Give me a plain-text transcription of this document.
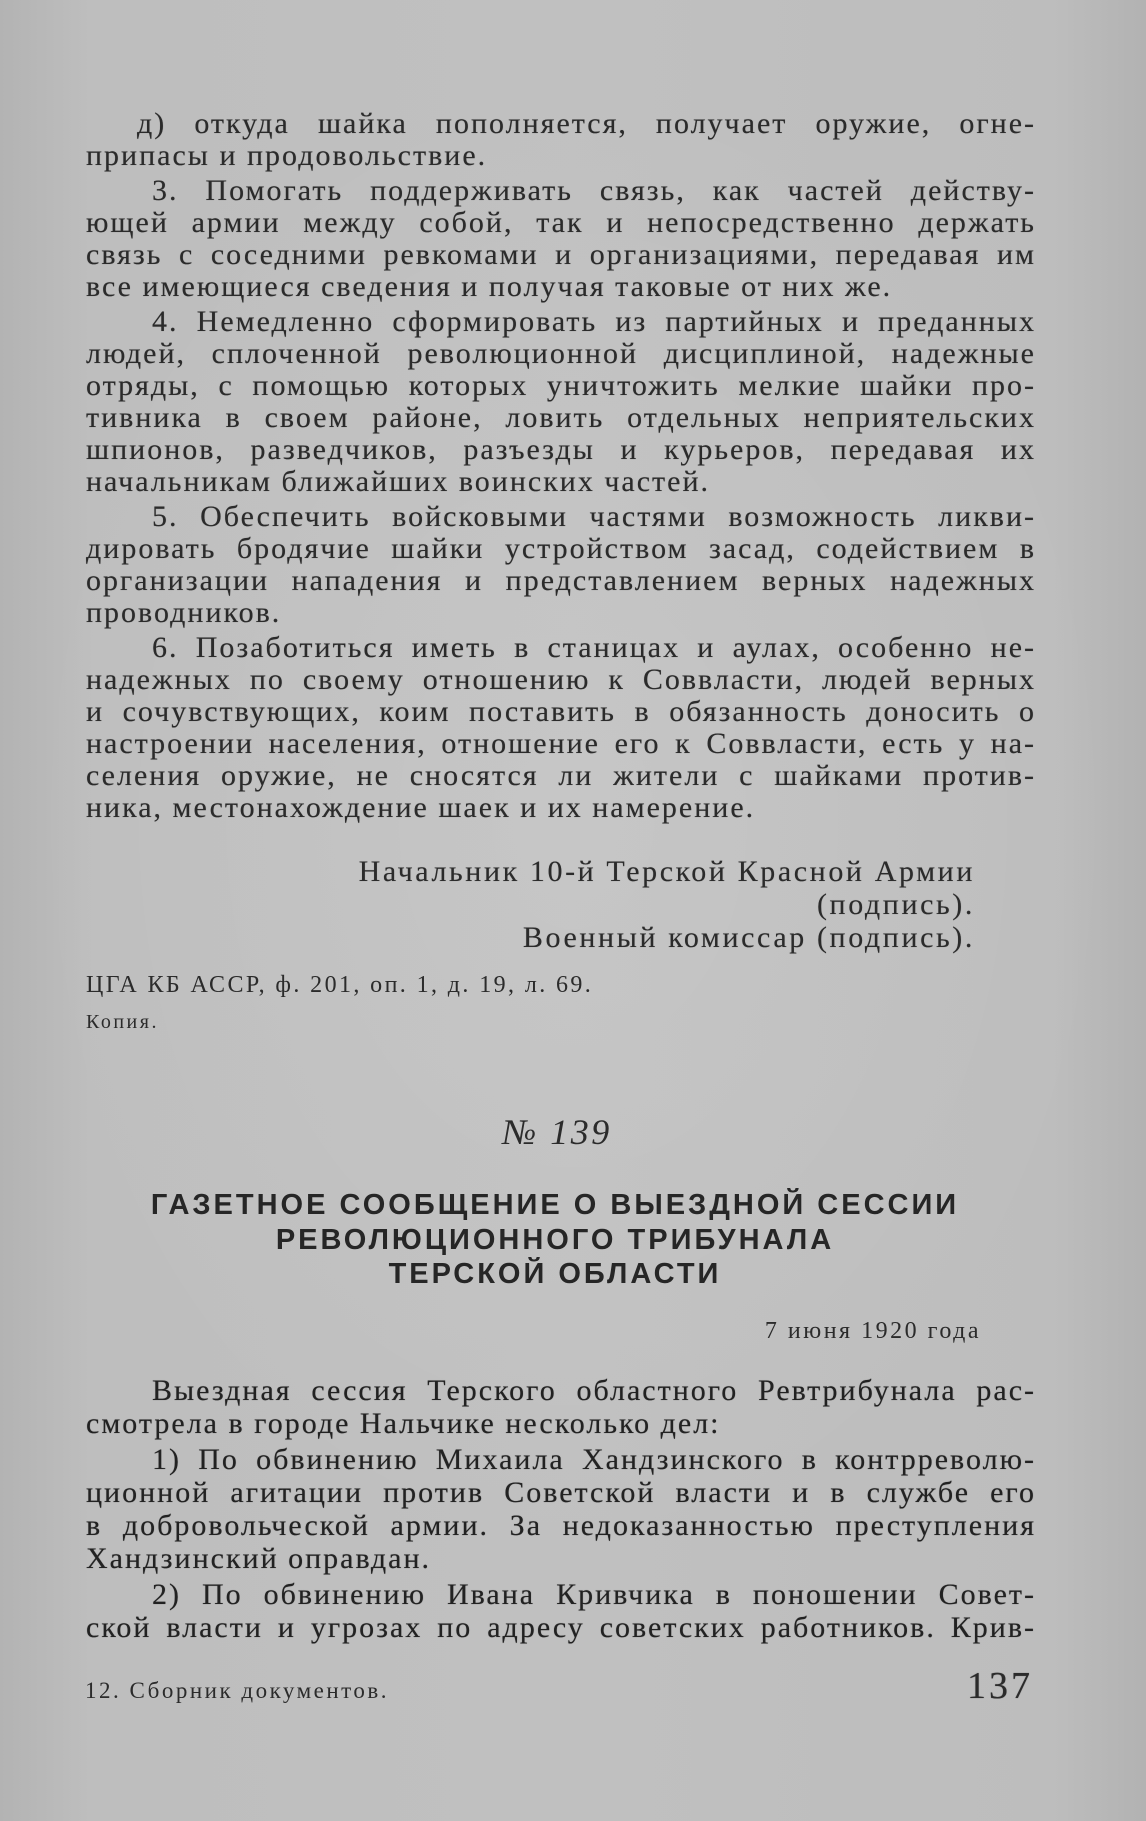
д) откуда шайка пополняется, получает оружие, огне-
припасы и продовольствие.
3. Помогать поддерживать связь, как частей действу-
ющей армии между собой, так и непосредственно держать
связь с соседними ревкомами и организациями, передавая им
все имеющиеся сведения и получая таковые от них же.
4. Немедленно сформировать из партийных и преданных
людей, сплоченной революционной дисциплиной, надежные
отряды, с помощью которых уничтожить мелкие шайки про-
тивника в своем районе, ловить отдельных неприятельских
шпионов, разведчиков, разъезды и курьеров, передавая их
начальникам ближайших воинских частей.
5. Обеспечить войсковыми частями возможность ликви-
дировать бродячие шайки устройством засад, содействием в
организации нападения и представлением верных надежных
проводников.
6. Позаботиться иметь в станицах и аулах, особенно не-
надежных по своему отношению к Соввласти, людей верных
и сочувствующих, коим поставить в обязанность доносить о
настроении населения, отношение его к Соввласти, есть у на-
селения оружие, не сносятся ли жители с шайками против-
ника, местонахождение шаек и их намерение.
Начальник 10-й Терской Красной Армии
(подпись).
Военный комиссар (подпись).
ЦГА КБ АССР, ф. 201, оп. 1, д. 19, л. 69.
Копия.
№ 139
ГАЗЕТНОЕ СООБЩЕНИЕ О ВЫЕЗДНОЙ СЕССИИ
РЕВОЛЮЦИОННОГО ТРИБУНАЛА
ТЕРСКОЙ ОБЛАСТИ
7 июня 1920 года
Выездная сессия Терского областного Ревтрибунала рас-
смотрела в городе Нальчике несколько дел:
1) По обвинению Михаила Хандзинского в контрреволю-
ционной агитации против Советской власти и в службе его
в добровольческой армии. За недоказанностью преступления
Хандзинский оправдан.
2) По обвинению Ивана Кривчика в поношении Совет-
ской власти и угрозах по адресу советских работников. Крив-
12. Сборник документов.	137
